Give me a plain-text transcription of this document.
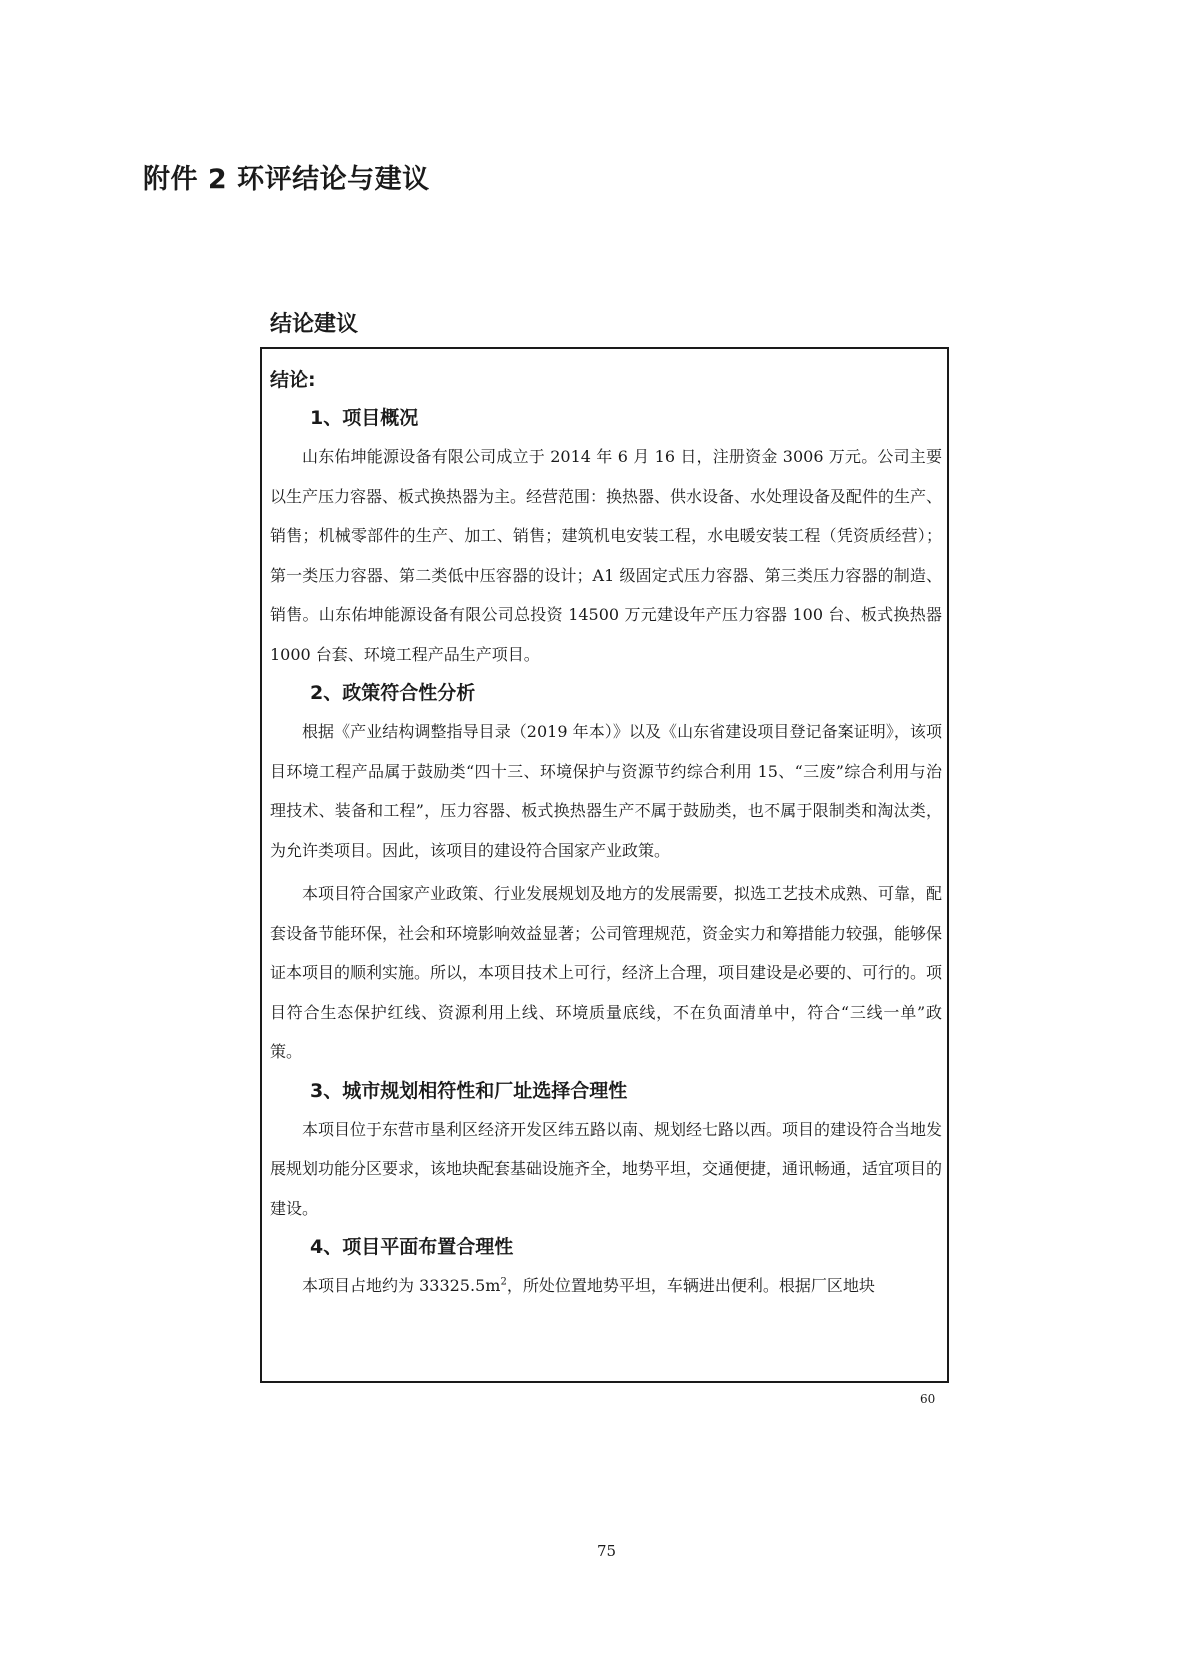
附件 2 环评结论与建议
结论建议
结论:
1、项目概况

山东佑坤能源设备有限公司成立于 2014 年 6 月 16 日，注册资金 3006 万元。公司主要以生产压力容器、板式换热器为主。经营范围：换热器、供水设备、水处理设备及配件的生产、销售；机械零部件的生产、加工、销售；建筑机电安装工程，水电暖安装工程（凭资质经营）；第一类压力容器、第二类低中压容器的设计；A1 级固定式压力容器、第三类压力容器的制造、销售。山东佑坤能源设备有限公司总投资 14500 万元建设年产压力容器 100 台、板式换热器 1000 台套、环境工程产品生产项目。

2、政策符合性分析

根据《产业结构调整指导目录（2019 年本）》以及《山东省建设项目登记备案证明》，该项目环境工程产品属于鼓励类“四十三、环境保护与资源节约综合利用 15、“三废”综合利用与治理技术、装备和工程”，压力容器、板式换热器生产不属于鼓励类，也不属于限制类和淘汰类，为允许类项目。因此，该项目的建设符合国家产业政策。

本项目符合国家产业政策、行业发展规划及地方的发展需要，拟选工艺技术成熟、可靠，配套设备节能环保，社会和环境影响效益显著；公司管理规范，资金实力和筹措能力较强，能够保证本项目的顺利实施。所以，本项目技术上可行，经济上合理，项目建设是必要的、可行的。项目符合生态保护红线、资源利用上线、环境质量底线，不在负面清单中，符合“三线一单”政策。

3、城市规划相符性和厂址选择合理性

本项目位于东营市垦利区经济开发区纬五路以南、规划经七路以西。项目的建设符合当地发展规划功能分区要求，该地块配套基础设施齐全，地势平坦，交通便捷，通讯畅通，适宜项目的建设。

4、项目平面布置合理性

本项目占地约为 $33325.5m^2$，所处位置地势平坦，车辆进出便利。根据厂区地块

60
75
